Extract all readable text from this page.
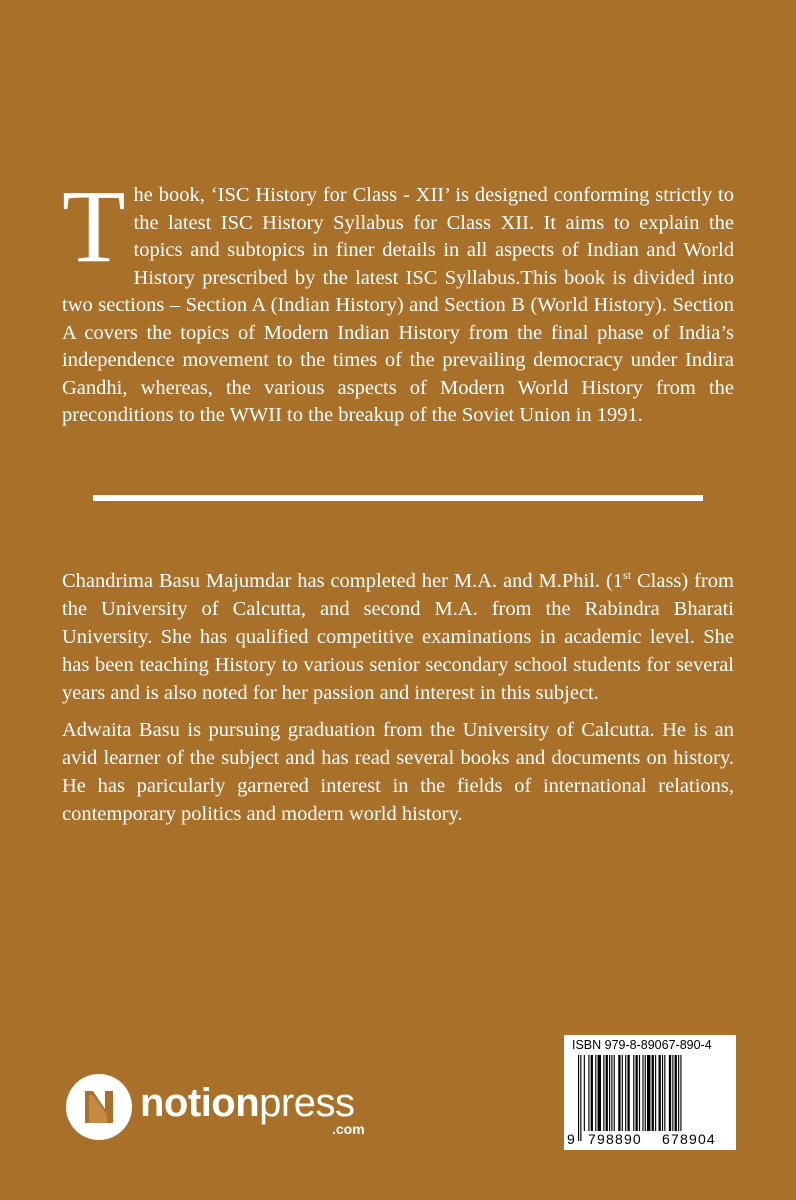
The book, ‘ISC History for Class - XII’ is designed conforming strictly to the latest ISC History Syllabus for Class XII. It aims to explain the topics and subtopics in finer details in all aspects of Indian and World History prescribed by the latest ISC Syllabus.This book is divided into two sections – Section A (Indian History) and Section B (World History). Section A covers the topics of Modern Indian History from the final phase of India’s independence movement to the times of the prevailing democracy under Indira Gandhi, whereas, the various aspects of Modern World History from the preconditions to the WWII to the breakup of the Soviet Union in 1991.

Chandrima Basu Majumdar has completed her M.A. and M.Phil. (1st Class) from the University of Calcutta, and second M.A. from the Rabindra Bharati University. She has qualified competitive examinations in academic level. She has been teaching History to various senior secondary school students for several years and is also noted for her passion and interest in this subject.

Adwaita Basu is pursuing graduation from the University of Calcutta. He is an avid learner of the subject and has read several books and documents on history. He has paricularly garnered interest in the fields of international relations, contemporary politics and modern world history.

notionpress
.com
ISBN 979-8-89067-890-4
9 798890 678904
